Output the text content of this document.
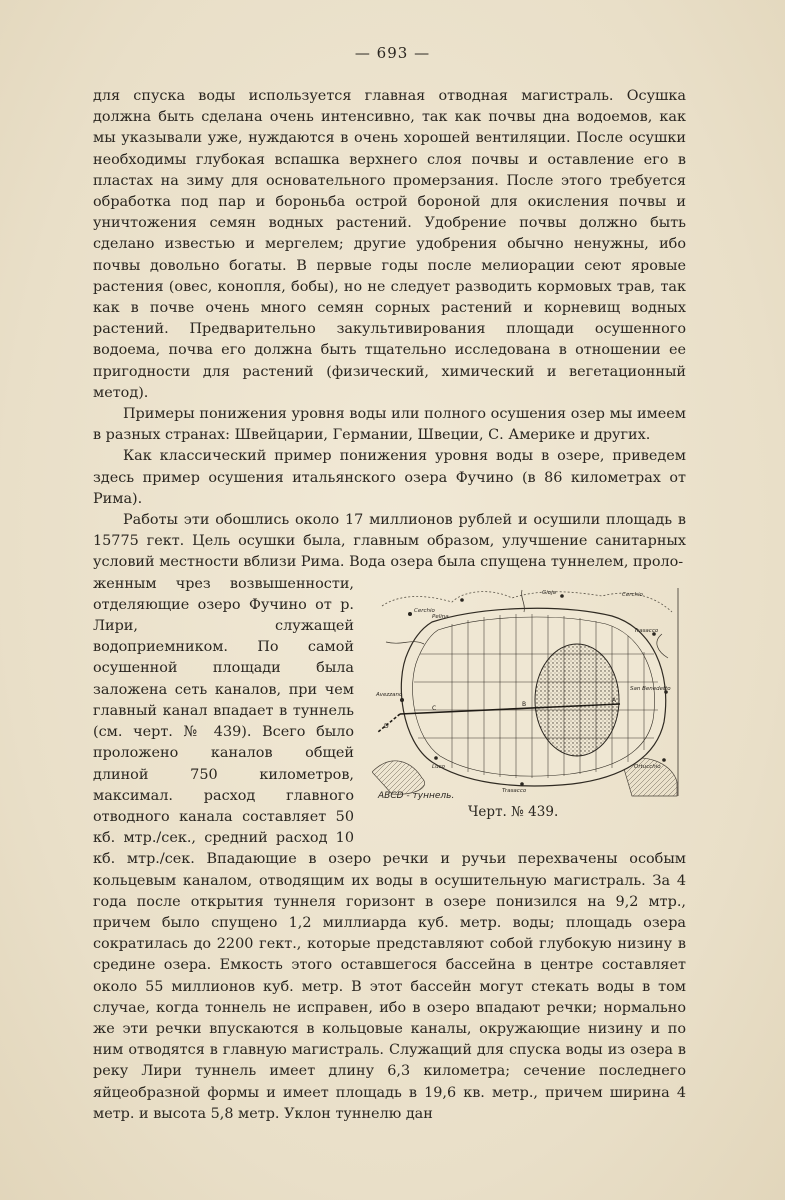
— 693 —

для спуска воды используется главная отводная магистраль. Осушка должна быть сделана очень интенсивно, так как почвы дна водоемов, как мы указывали уже, нуждаются в очень хорошей вентиляции. После осушки необходимы глубокая вспашка верхнего слоя почвы и оставление его в пластах на зиму для основательного промерзания. После этого требуется обработка под пар и бороньба острой бороной для окисления почвы и уничтожения семян водных растений. Удобрение почвы должно быть сделано известью и мергелем; другие удобрения обычно ненужны, ибо почвы довольно богаты. В первые годы после мелиорации сеют яровые растения (овес, конопля, бобы), но не следует разводить кормовых трав, так как в почве очень много семян сорных растений и корневищ водных растений. Предварительно закультивирования площади осушенного водоема, почва его должна быть тщательно исследована в отношении ее пригодности для растений (физический, химический и вегетационный метод).

Примеры понижения уровня воды или полного осушения озер мы имеем в разных странах: Швейцарии, Германии, Швеции, С. Америке и других.

Как классический пример понижения уровня воды в озере, приведем здесь пример осушения итальянского озера Фучино (в 86 километрах от Рима).

Работы эти обошлись около 17 миллионов рублей и осушили площадь в 15775 гект. Цель осушки была, главным образом, улучшение санитарных условий местности вблизи Рима. Вода озера была спущена туннелем, проло-

Cerchio
Pelina
Gioja	Cerchio
Trasacco
San Benedetto
Ortucchio
Avezzano
Luco
Trasacco
A
B
C
D
ABCD - туннель.
Черт. № 439.

женным чрез возвышенности, отделяющие озеро Фучино от р. Лири, служащей водоприемником. По самой осушенной площади была заложена сеть каналов, при чем главный канал впадает в туннель (см. черт. № 439). Всего было проложено каналов общей длиной 750 километров, максимал. расход главного отводного канала составляет 50 кб. мтр./сек., средний расход 10 кб. мтр./сек. Впадающие в озеро речки и ручьи перехвачены особым кольцевым каналом, отводящим их воды в осушительную магистраль. За 4 года после открытия туннеля горизонт в озере понизился на 9,2 мтр., причем было спущено 1,2 миллиарда куб. метр. воды; площадь озера сократилась до 2200 гект., которые представляют собой глубокую низину в средине озера. Емкость этого оставшегося бассейна в центре составляет около 55 миллионов куб. метр. В этот бассейн могут стекать воды в том случае, когда тоннель не исправен, ибо в озеро впадают речки; нормально же эти речки впускаются в кольцовые каналы, окружающие низину и по ним отводятся в главную магистраль. Служащий для спуска воды из озера в реку Лири туннель имеет длину 6,3 километра; сечение последнего яйцеобразной формы и имеет площадь в 19,6 кв. метр., причем ширина 4 метр. и высота 5,8 метр. Уклон туннелю дан
